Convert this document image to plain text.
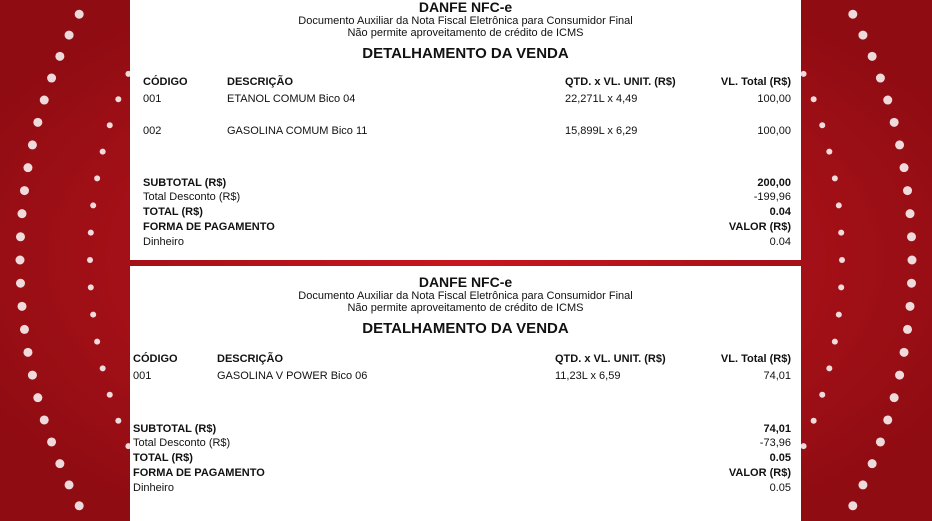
DANFE NFC-e
Documento Auxiliar da Nota Fiscal Eletrônica para Consumidor Final
Não permite aproveitamento de crédito de ICMS
DETALHAMENTO DA VENDA
CÓDIGO	DESCRIÇÃO	QTD. x VL. UNIT. (R$)	VL. Total (R$)
001	ETANOL COMUM Bico 04	22,271L x 4,49	100,00
002	GASOLINA COMUM Bico 11	15,899L x 6,29	100,00
SUBTOTAL (R$)	200,00
Total Desconto (R$)	-199,96
TOTAL (R$)	0.04
FORMA DE PAGAMENTO	VALOR (R$)
Dinheiro	0.04
DANFE NFC-e
Documento Auxiliar da Nota Fiscal Eletrônica para Consumidor Final
Não permite aproveitamento de crédito de ICMS
DETALHAMENTO DA VENDA
CÓDIGO	DESCRIÇÃO	QTD. x VL. UNIT. (R$)	VL. Total (R$)
001	GASOLINA V POWER Bico 06	11,23L x 6,59	74,01
SUBTOTAL (R$)	74,01
Total Desconto (R$)	-73,96
TOTAL (R$)	0.05
FORMA DE PAGAMENTO	VALOR (R$)
Dinheiro	0.05
